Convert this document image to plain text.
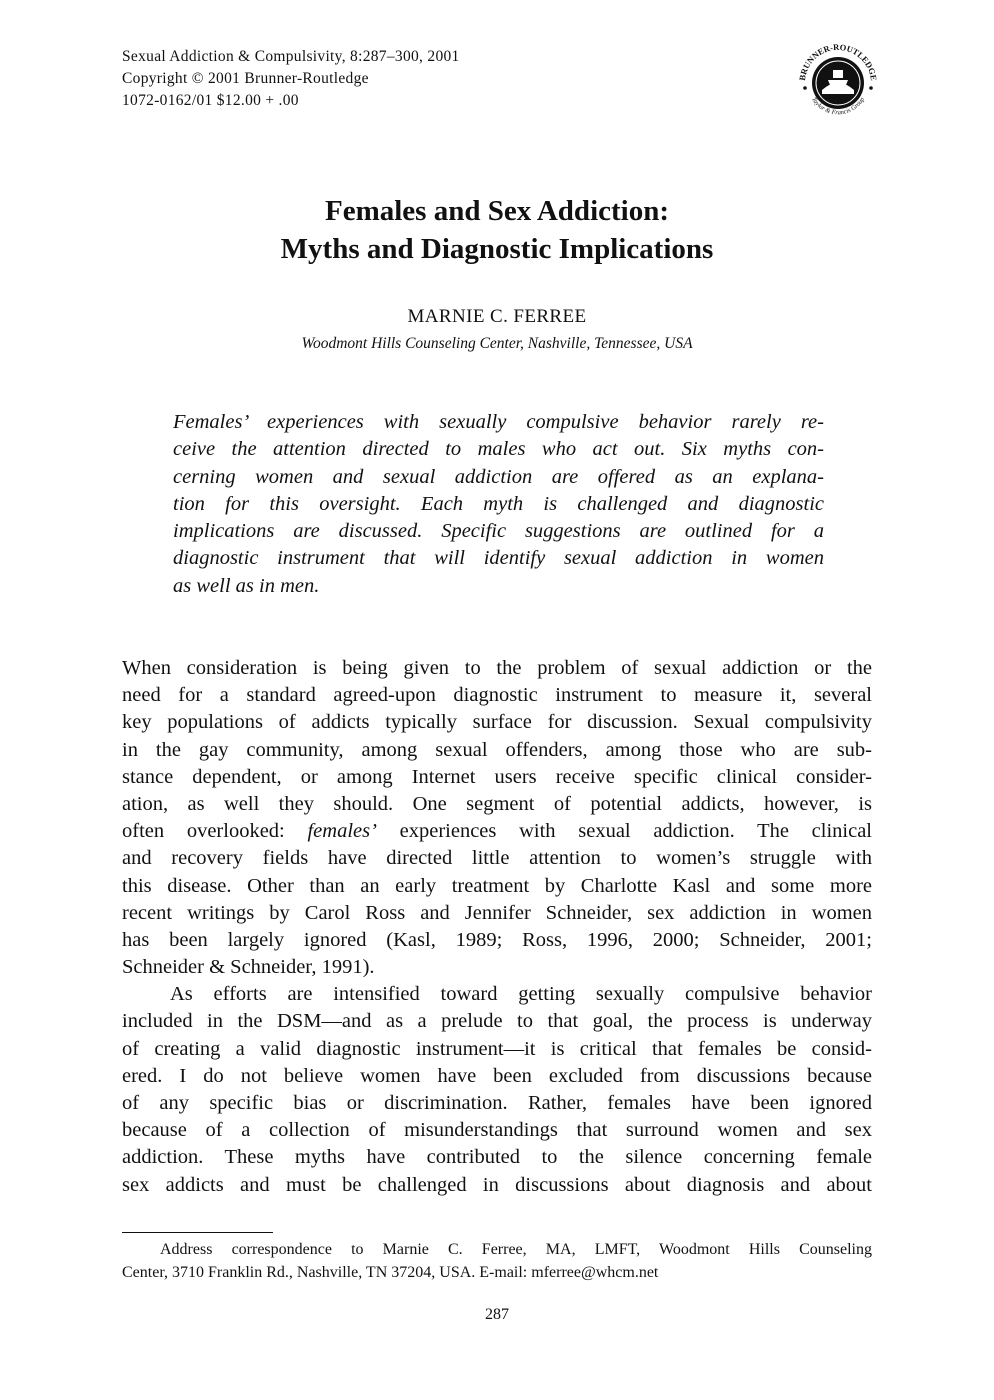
Sexual Addiction & Compulsivity, 8:287–300, 2001
Copyright © 2001 Brunner-Routledge
1072-0162/01 $12.00 + .00
BRUNNER-ROUTLEDGE
Taylor & Francis Group
Females and Sex Addiction:
Myths and Diagnostic Implications
MARNIE C. FERREE
Woodmont Hills Counseling Center, Nashville, Tennessee, USA
Females’ experiences with sexually compulsive behavior rarely re-
ceive the attention directed to males who act out. Six myths con-
cerning women and sexual addiction are offered as an explana-
tion for this oversight. Each myth is challenged and diagnostic
implications are discussed. Specific suggestions are outlined for a
diagnostic instrument that will identify sexual addiction in women
as well as in men.
When consideration is being given to the problem of sexual addiction or the
need for a standard agreed-upon diagnostic instrument to measure it, several
key populations of addicts typically surface for discussion. Sexual compulsivity
in the gay community, among sexual offenders, among those who are sub-
stance dependent, or among Internet users receive specific clinical consider-
ation, as well they should. One segment of potential addicts, however, is
often overlooked: females’ experiences with sexual addiction. The clinical
and recovery fields have directed little attention to women’s struggle with
this disease. Other than an early treatment by Charlotte Kasl and some more
recent writings by Carol Ross and Jennifer Schneider, sex addiction in women
has been largely ignored (Kasl, 1989; Ross, 1996, 2000; Schneider, 2001;
Schneider & Schneider, 1991).
As efforts are intensified toward getting sexually compulsive behavior
included in the DSM—and as a prelude to that goal, the process is underway
of creating a valid diagnostic instrument—it is critical that females be consid-
ered. I do not believe women have been excluded from discussions because
of any specific bias or discrimination. Rather, females have been ignored
because of a collection of misunderstandings that surround women and sex
addiction. These myths have contributed to the silence concerning female
sex addicts and must be challenged in discussions about diagnosis and about
Address correspondence to Marnie C. Ferree, MA, LMFT, Woodmont Hills Counseling
Center, 3710 Franklin Rd., Nashville, TN 37204, USA. E-mail: mferree@whcm.net
287
